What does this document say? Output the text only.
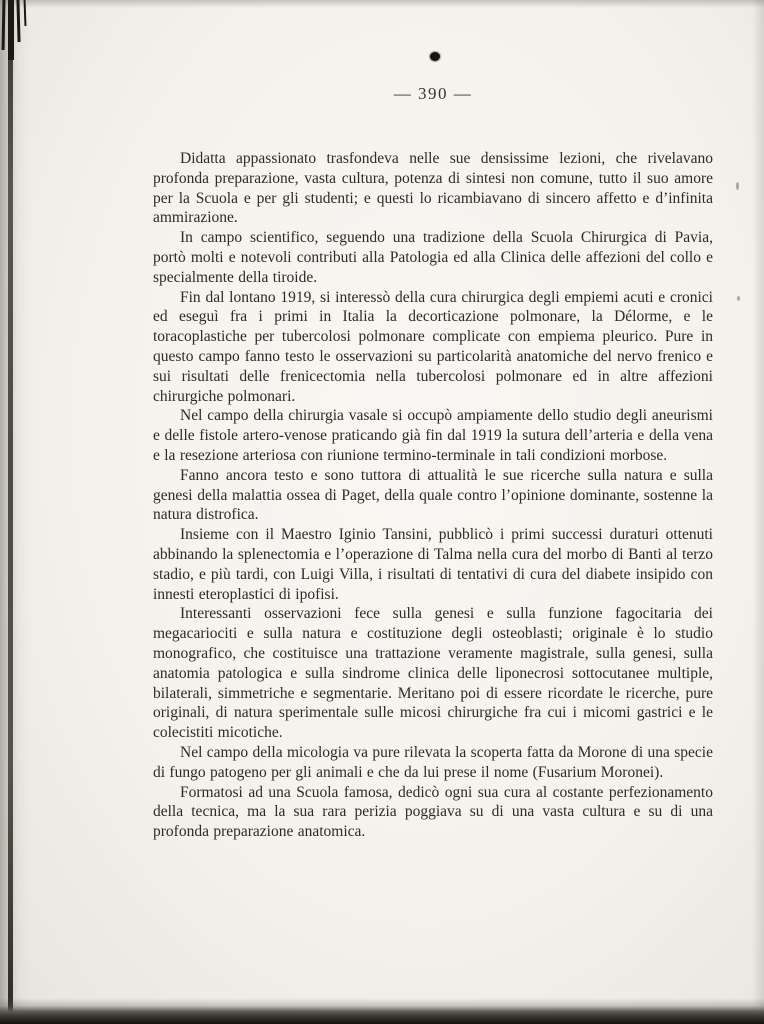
— 390 —

Didatta appassionato trasfondeva nelle sue densissime lezioni, che rivelavano profonda preparazione, vasta cultura, potenza di sintesi non comune, tutto il suo amore per la Scuola e per gli studenti; e questi lo ricambiavano di sincero affetto e d’infinita ammirazione.

In campo scientifico, seguendo una tradizione della Scuola Chirurgica di Pavia, portò molti e notevoli contributi alla Patologia ed alla Clinica delle affezioni del collo e specialmente della tiroide.

Fin dal lontano 1919, si interessò della cura chirurgica degli empiemi acuti e cronici ed eseguì fra i primi in Italia la decorticazione polmonare, la Délorme, e le toracoplastiche per tubercolosi polmonare complicate con empiema pleurico. Pure in questo campo fanno testo le osservazioni su particolarità anatomiche del nervo frenico e sui risultati delle frenicectomia nella tubercolosi polmonare ed in altre affezioni chirurgiche polmonari.

Nel campo della chirurgia vasale si occupò ampiamente dello studio degli aneurismi e delle fistole artero-venose praticando già fin dal 1919 la sutura dell’arteria e della vena e la resezione arteriosa con riunione termino-terminale in tali condizioni morbose.

Fanno ancora testo e sono tuttora di attualità le sue ricerche sulla natura e sulla genesi della malattia ossea di Paget, della quale contro l’opinione dominante, sostenne la natura distrofica.

Insieme con il Maestro Iginio Tansini, pubblicò i primi successi duraturi ottenuti abbinando la splenectomia e l’operazione di Talma nella cura del morbo di Banti al terzo stadio, e più tardi, con Luigi Villa, i risultati di tentativi di cura del diabete insipido con innesti eteroplastici di ipofisi.

Interessanti osservazioni fece sulla genesi e sulla funzione fagocitaria dei megacariociti e sulla natura e costituzione degli osteoblasti; originale è lo studio monografico, che costituisce una trattazione veramente magistrale, sulla genesi, sulla anatomia patologica e sulla sindrome clinica delle liponecrosi sottocutanee multiple, bilaterali, simmetriche e segmentarie. Meritano poi di essere ricordate le ricerche, pure originali, di natura sperimentale sulle micosi chirurgiche fra cui i micomi gastrici e le colecistiti micotiche.

Nel campo della micologia va pure rilevata la scoperta fatta da Morone di una specie di fungo patogeno per gli animali e che da lui prese il nome (Fusarium Moronei).

Formatosi ad una Scuola famosa, dedicò ogni sua cura al costante perfezionamento della tecnica, ma la sua rara perizia poggiava su di una vasta cultura e su di una profonda preparazione anatomica.
